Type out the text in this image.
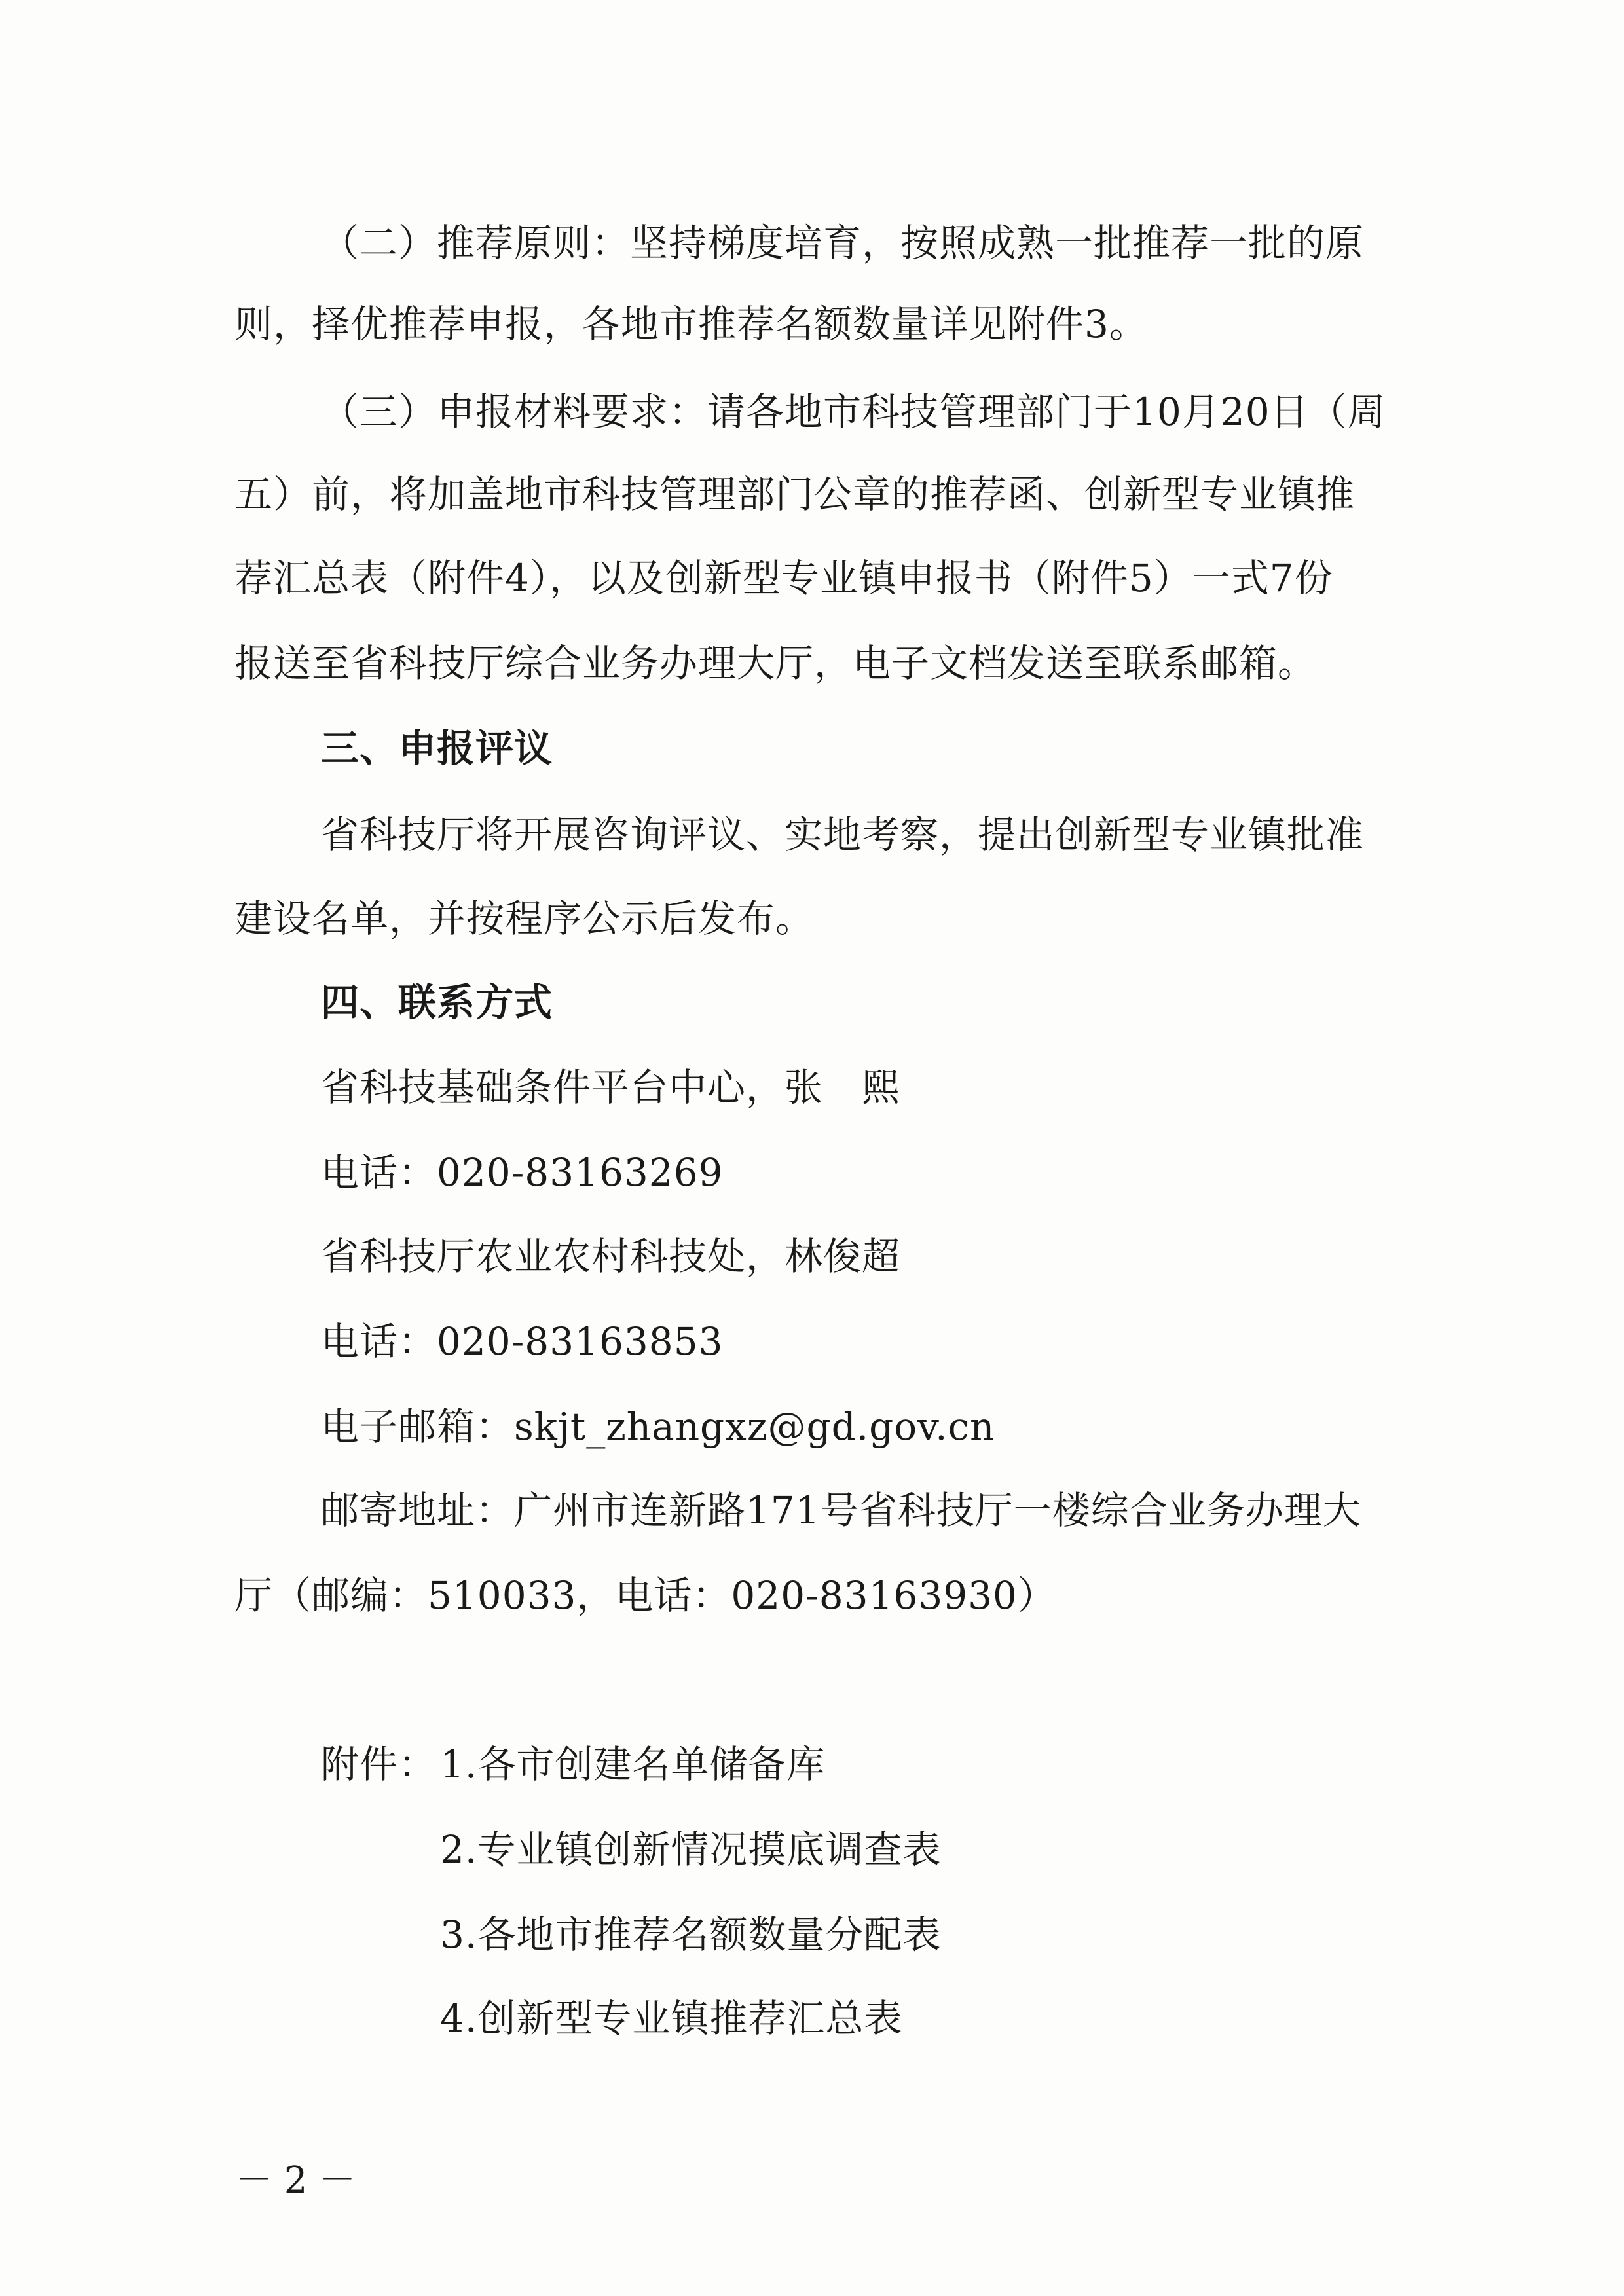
（二）推荐原则：坚持梯度培育，按照成熟一批推荐一批的原
则，择优推荐申报，各地市推荐名额数量详见附件3。
（三）申报材料要求：请各地市科技管理部门于10月20日（周
五）前，将加盖地市科技管理部门公章的推荐函、创新型专业镇推
荐汇总表（附件4），以及创新型专业镇申报书（附件5）一式7份
报送至省科技厅综合业务办理大厅，电子文档发送至联系邮箱。
三、申报评议
省科技厅将开展咨询评议、实地考察，提出创新型专业镇批准
建设名单，并按程序公示后发布。
四、联系方式
省科技基础条件平台中心，张　熙
电话：020-83163269
省科技厅农业农村科技处，林俊超
电话：020-83163853
电子邮箱：skjt_zhangxz@gd.gov.cn
邮寄地址：广州市连新路171号省科技厅一楼综合业务办理大
厅（邮编：510033，电话：020-83163930）
附件： 1.各市创建名单储备库
2.专业镇创新情况摸底调查表
3.各地市推荐名额数量分配表
4.创新型专业镇推荐汇总表
－ 2 －
